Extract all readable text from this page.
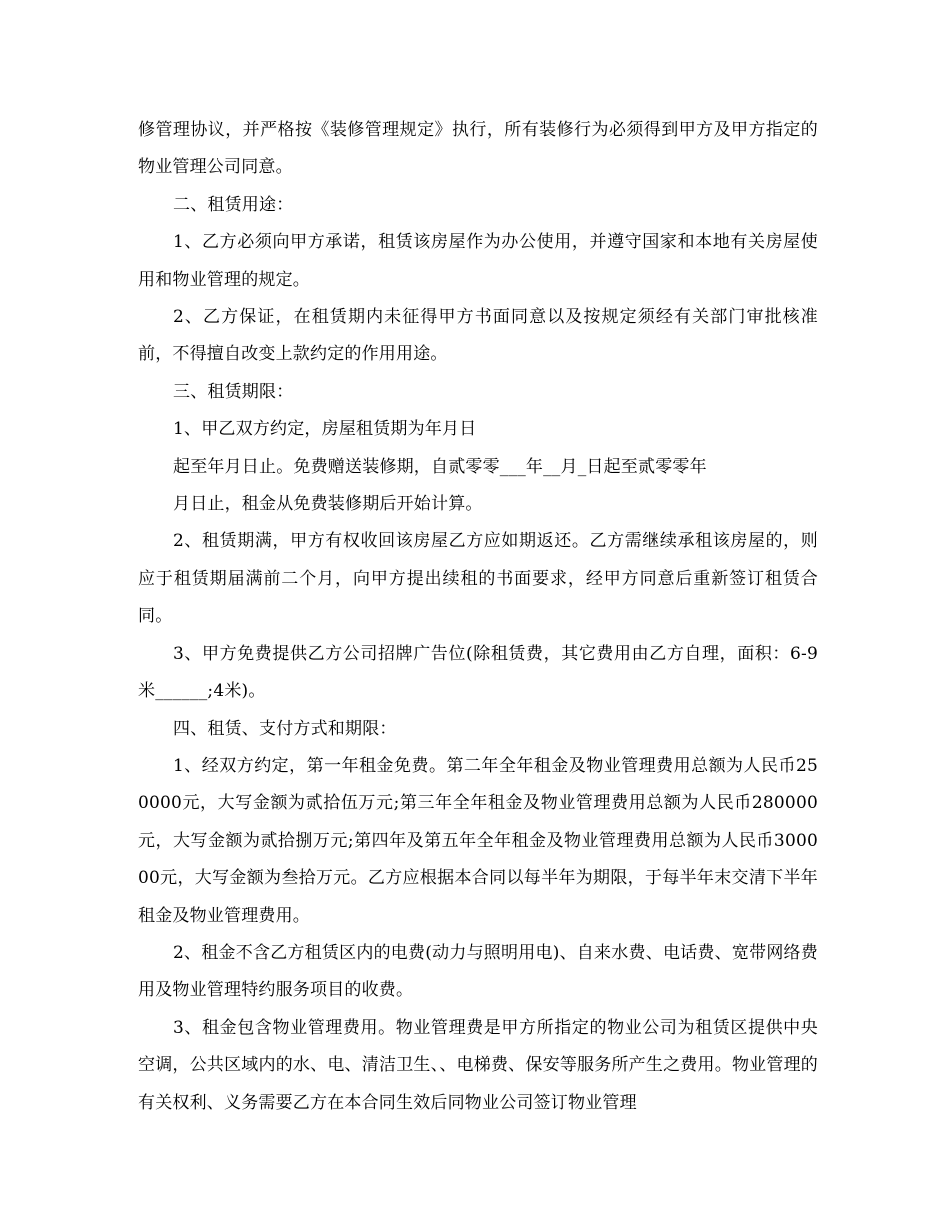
修管理协议，并严格按《装修管理规定》执行，所有装修行为必须得到甲方及甲方指定的物业管理公司同意。

二、租赁用途：

1、乙方必须向甲方承诺，租赁该房屋作为办公使用，并遵守国家和本地有关房屋使用和物业管理的规定。

2、乙方保证，在租赁期内未征得甲方书面同意以及按规定须经有关部门审批核准前，不得擅自改变上款约定的作用用途。

三、租赁期限：

1、甲乙双方约定，房屋租赁期为年月日

起至年月日止。免费赠送装修期，自贰零零___年__月_日起至贰零零年

月日止，租金从免费装修期后开始计算。

2、租赁期满，甲方有权收回该房屋乙方应如期返还。乙方需继续承租该房屋的，则应于租赁期届满前二个月，向甲方提出续租的书面要求，经甲方同意后重新签订租赁合同。

3、甲方免费提供乙方公司招牌广告位(除租赁费，其它费用由乙方自理，面积：6-9米______;4米)。

四、租赁、支付方式和期限：

1、经双方约定，第一年租金免费。第二年全年租金及物业管理费用总额为人民币250000元，大写金额为贰拾伍万元;第三年全年租金及物业管理费用总额为人民币280000元，大写金额为贰拾捌万元;第四年及第五年全年租金及物业管理费用总额为人民币300000元，大写金额为叁拾万元。乙方应根据本合同以每半年为期限，于每半年末交清下半年租金及物业管理费用。

2、租金不含乙方租赁区内的电费(动力与照明用电)、自来水费、电话费、宽带网络费用及物业管理特约服务项目的收费。

3、租金包含物业管理费用。物业管理费是甲方所指定的物业公司为租赁区提供中央空调，公共区域内的水、电、清洁卫生、、电梯费、保安等服务所产生之费用。物业管理的有关权利、义务需要乙方在本合同生效后同物业公司签订物业管理
